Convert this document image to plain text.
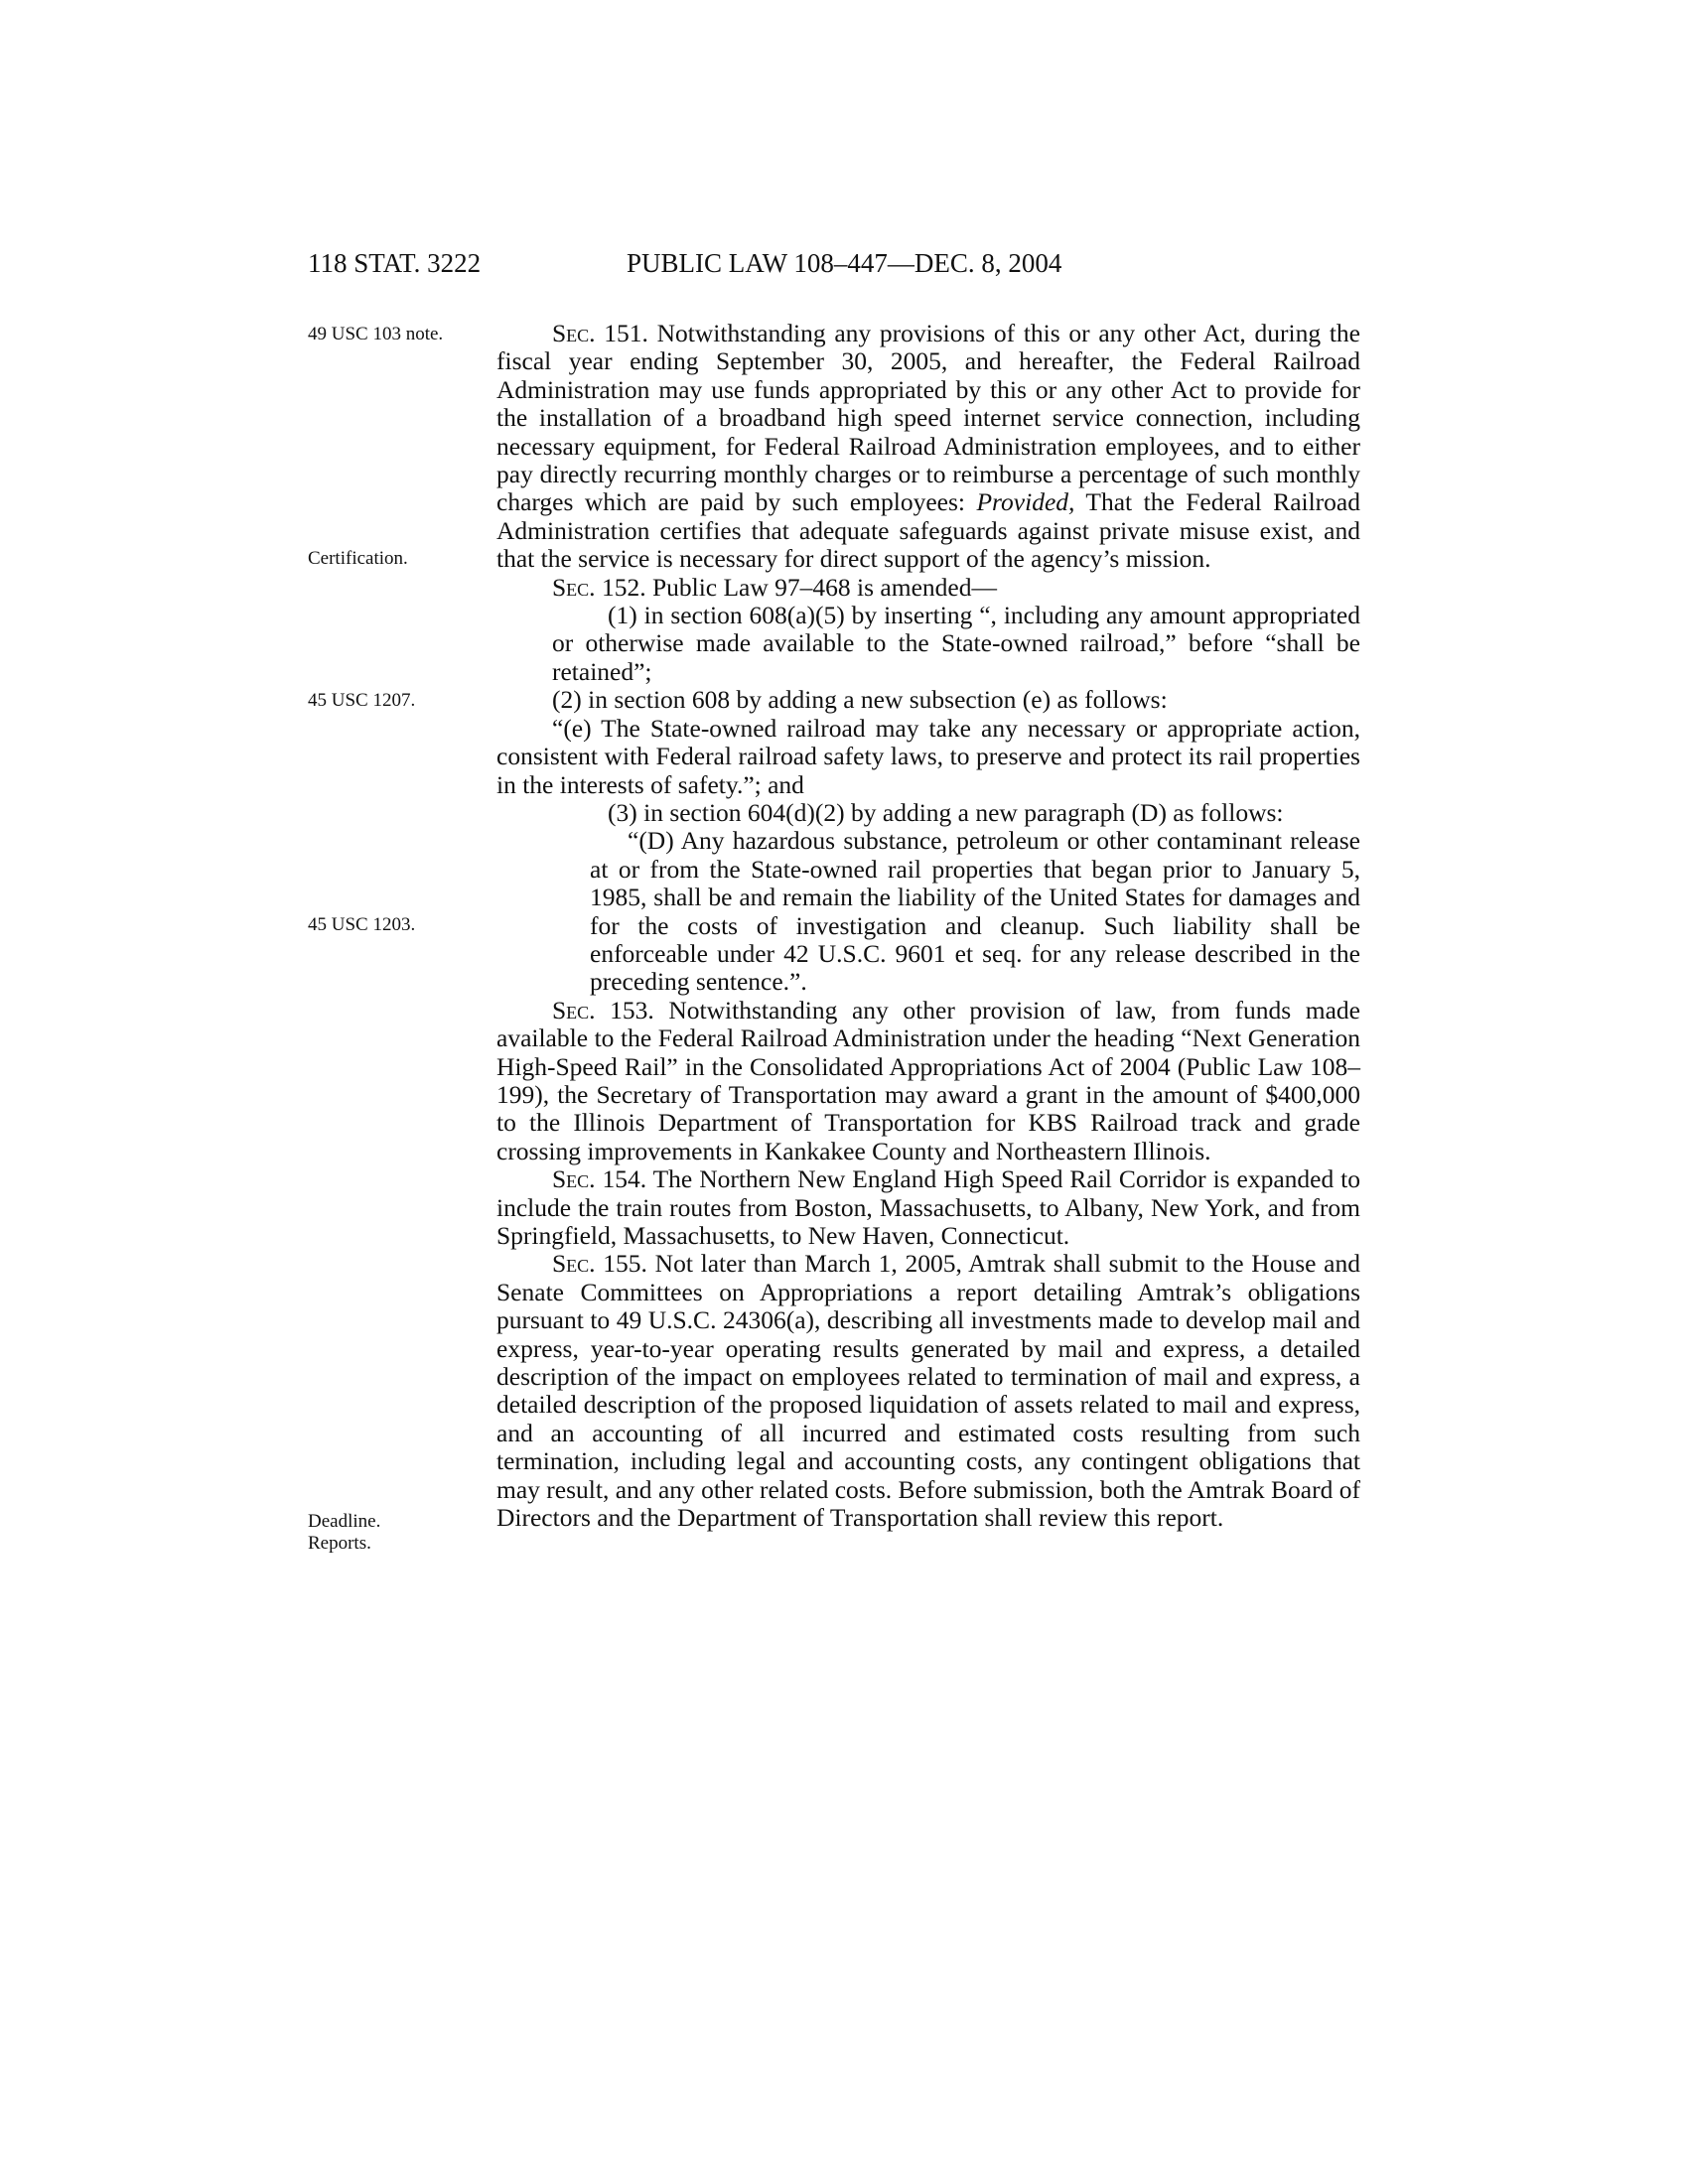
118 STAT. 3222	PUBLIC LAW 108–447—DEC. 8, 2004
49 USC 103 note.
Certification.
45 USC 1207.
45 USC 1203.
Deadline.
Reports.

Sec. 151. Notwithstanding any provisions of this or any other Act, during the fiscal year ending September 30, 2005, and hereafter, the Federal Railroad Administration may use funds appropriated by this or any other Act to provide for the installation of a broadband high speed internet service connection, including necessary equipment, for Federal Railroad Administration employees, and to either pay directly recurring monthly charges or to reimburse a percentage of such monthly charges which are paid by such employees: Provided, That the Federal Railroad Administration certifies that adequate safeguards against private misuse exist, and that the service is necessary for direct support of the agency’s mission.

Sec. 152. Public Law 97–468 is amended—

(1) in section 608(a)(5) by inserting “, including any amount appropriated or otherwise made available to the State-owned railroad,” before “shall be retained”;

(2) in section 608 by adding a new subsection (e) as follows:

“(e) The State-owned railroad may take any necessary or appropriate action, consistent with Federal railroad safety laws, to preserve and protect its rail properties in the interests of safety.”; and

(3) in section 604(d)(2) by adding a new paragraph (D) as follows:

“(D) Any hazardous substance, petroleum or other contaminant release at or from the State-owned rail properties that began prior to January 5, 1985, shall be and remain the liability of the United States for damages and for the costs of investigation and cleanup. Such liability shall be enforceable under 42 U.S.C. 9601 et seq. for any release described in the preceding sentence.”.

Sec. 153. Notwithstanding any other provision of law, from funds made available to the Federal Railroad Administration under the heading “Next Generation High-Speed Rail” in the Consolidated Appropriations Act of 2004 (Public Law 108–199), the Secretary of Transportation may award a grant in the amount of $400,000 to the Illinois Department of Transportation for KBS Railroad track and grade crossing improvements in Kankakee County and Northeastern Illinois.

Sec. 154. The Northern New England High Speed Rail Corridor is expanded to include the train routes from Boston, Massachusetts, to Albany, New York, and from Springfield, Massachusetts, to New Haven, Connecticut.

Sec. 155. Not later than March 1, 2005, Amtrak shall submit to the House and Senate Committees on Appropriations a report detailing Amtrak’s obligations pursuant to 49 U.S.C. 24306(a), describing all investments made to develop mail and express, year-to-year operating results generated by mail and express, a detailed description of the impact on employees related to termination of mail and express, a detailed description of the proposed liquidation of assets related to mail and express, and an accounting of all incurred and estimated costs resulting from such termination, including legal and accounting costs, any contingent obligations that may result, and any other related costs. Before submission, both the Amtrak Board of Directors and the Department of Transportation shall review this report.
